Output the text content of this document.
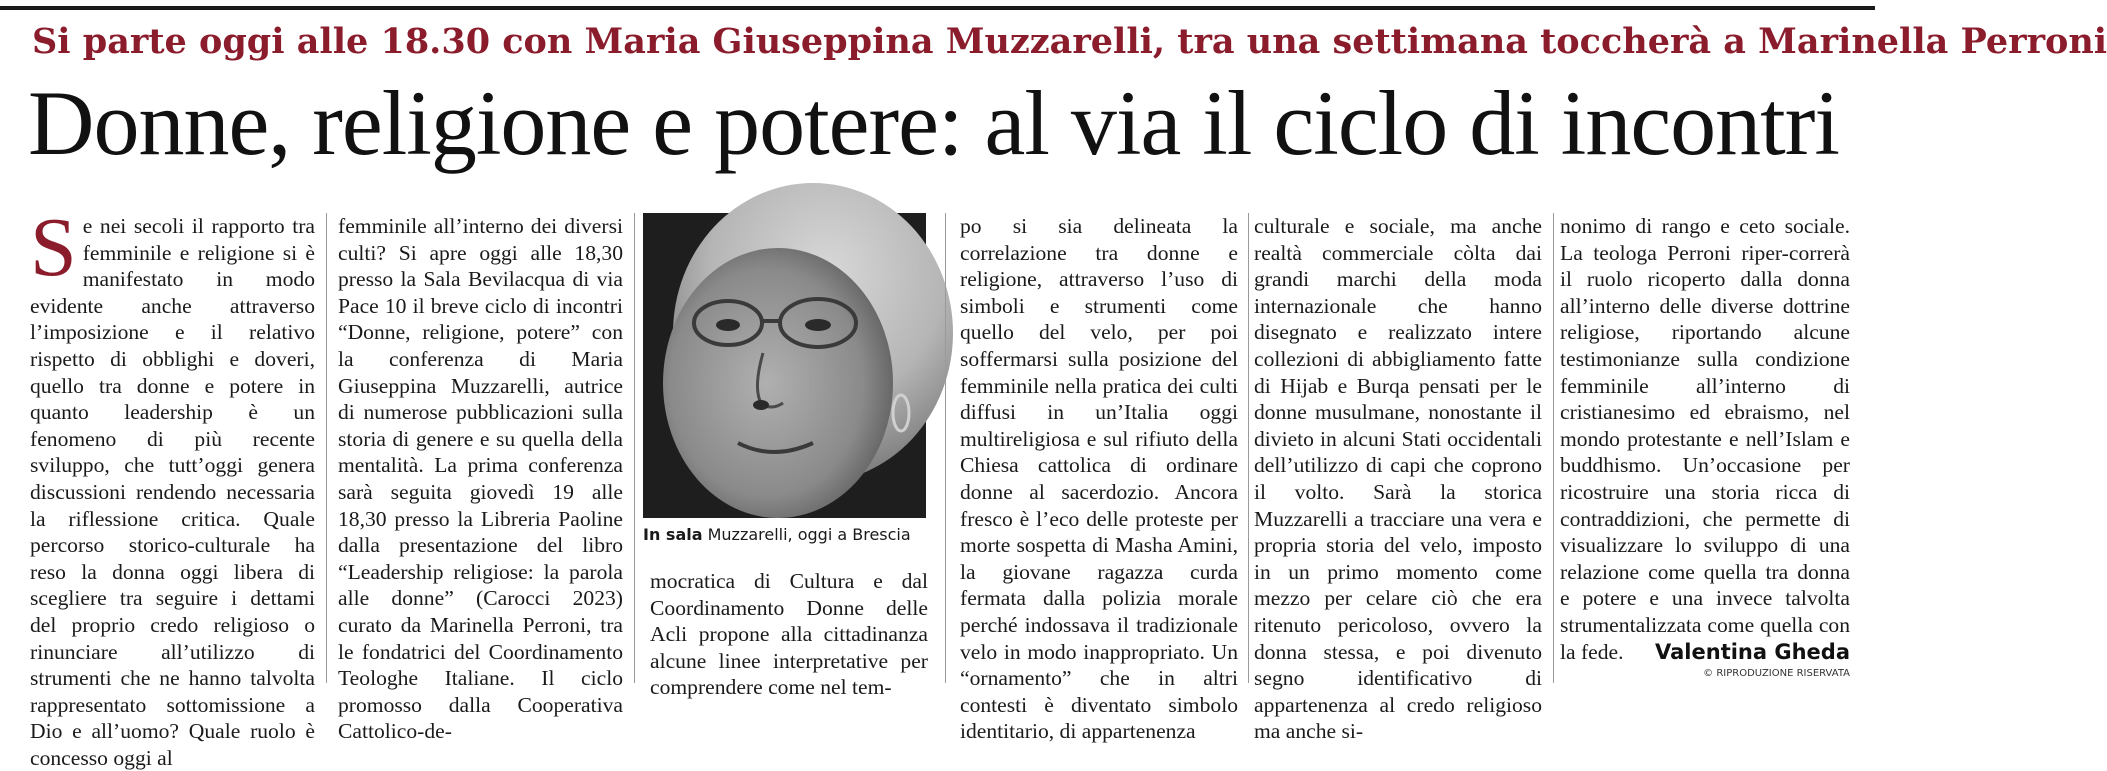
Si parte oggi alle 18.30 con Maria Giuseppina Muzzarelli, tra una settimana toccherà a Marinella Perroni
Donne, religione e potere: al via il ciclo di incontri
S e nei secoli il rapporto tra femminile e religione si è manifestato in modo evidente anche attraverso l’imposizione e il relativo rispetto di obblighi e doveri, quello tra donne e potere in quanto leadership è un fenomeno di più recente sviluppo, che tutt’oggi genera discussioni rendendo necessaria la riflessione critica. Quale percorso storico-culturale ha reso la donna oggi libera di scegliere tra seguire i dettami del proprio credo religioso o rinunciare all’utilizzo di strumenti che ne hanno talvolta rappresentato sottomissione a Dio e all’uomo? Quale ruolo è concesso oggi al

femminile all’interno dei diversi culti? Si apre oggi alle 18,30 presso la Sala Bevilacqua di via Pace 10 il breve ciclo di incontri “Donne, religione, potere” con la conferenza di Maria Giuseppina Muzzarelli, autrice di numerose pubblicazioni sulla storia di genere e su quella della mentalità. La prima conferenza sarà seguita giovedì 19 alle 18,30 presso la Libreria Paoline dalla presentazione del libro “Leadership religiose: la parola alle donne” (Carocci 2023) curato da Marinella Perroni, tra le fondatrici del Coordinamento Teologhe Italiane. Il ciclo promosso dalla Cooperativa Cattolico-de-

In sala Muzzarelli, oggi a Brescia

mocratica di Cultura e dal Coordinamento Donne delle Acli propone alla cittadinanza alcune linee interpretative per comprendere come nel tem-

po si sia delineata la correlazione tra donne e religione, attraverso l’uso di simboli e strumenti come quello del velo, per poi soffermarsi sulla posizione del femminile nella pratica dei culti diffusi in un’Italia oggi multireligiosa e sul rifiuto della Chiesa cattolica di ordinare donne al sacerdozio. Ancora fresco è l’eco delle proteste per morte sospetta di Masha Amini, la giovane ragazza curda fermata dalla polizia morale perché indossava il tradizionale velo in modo inappropriato. Un “ornamento” che in altri contesti è diventato simbolo identitario, di appartenenza

culturale e sociale, ma anche realtà commerciale còlta dai grandi marchi della moda internazionale che hanno disegnato e realizzato intere collezioni di abbigliamento fatte di Hijab e Burqa pensati per le donne musulmane, nonostante il divieto in alcuni Stati occidentali dell’utilizzo di capi che coprono il volto. Sarà la storica Muzzarelli a tracciare una vera e propria storia del velo, imposto in un primo momento come mezzo per celare ciò che era ritenuto pericoloso, ovvero la donna stessa, e poi divenuto segno identificativo di appartenenza al credo religioso ma anche si-

nonimo di rango e ceto sociale. La teologa Perroni riper-correrà il ruolo ricoperto dalla donna all’interno delle diverse dottrine religiose, riportando alcune testimonianze sulla condizione femminile all’interno di cristianesimo ed ebraismo, nel mondo protestante e nell’Islam e buddhismo. Un’occasione per ricostruire una storia ricca di contraddizioni, che permette di visualizzare lo sviluppo di una relazione come quella tra donna e potere e una invece talvolta strumentalizzata come quella con la fede.	Valentina Gheda
© RIPRODUZIONE RISERVATA
